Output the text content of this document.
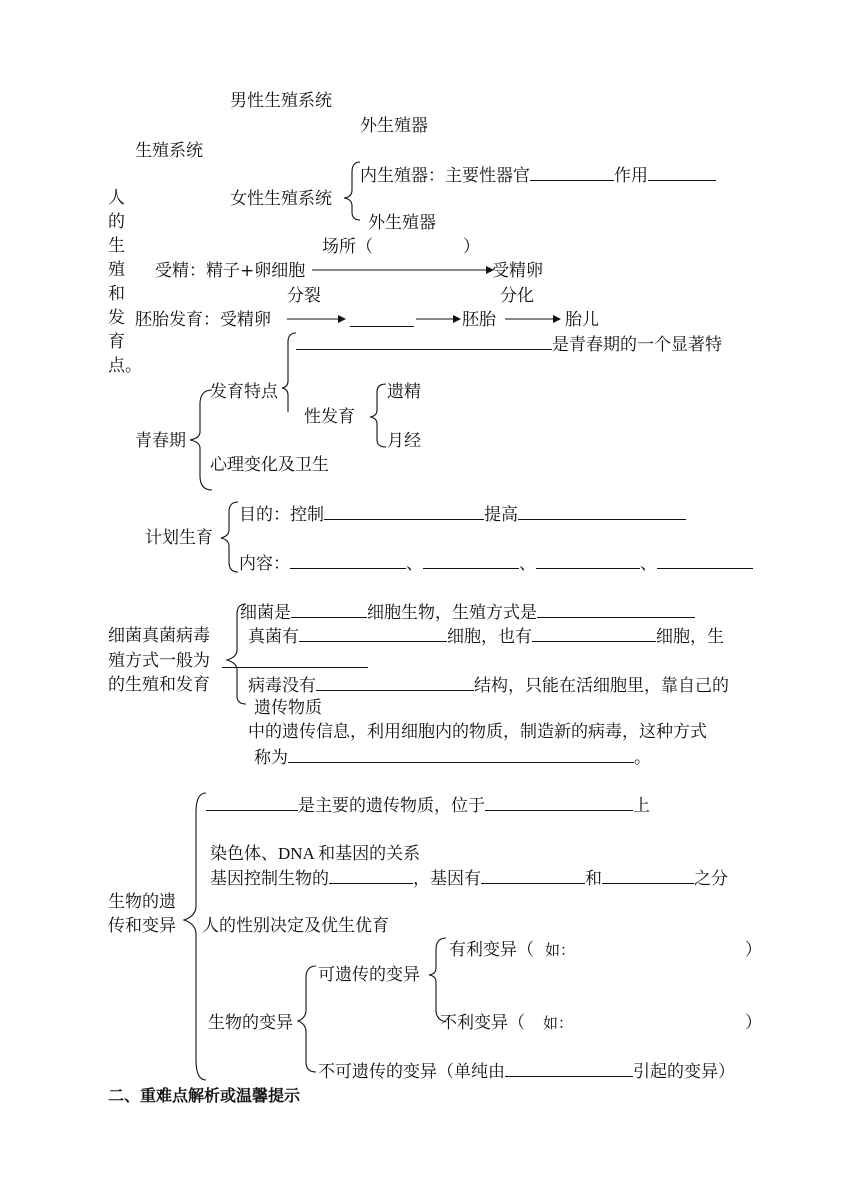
男性生殖系统
外生殖器
生殖系统
女性生殖系统
内生殖器：主要性器官	作用
外生殖器
人
的
生
殖
和
发
育
点。
场所（	）
受精：精子+卵细胞	受精卵
分裂	分化
胚胎发育：受精卵	胚胎	胎儿
是青春期的一个显著特
发育特点	遗精
性发育
青春期	月经
心理变化及卫生
目的：控制	提高
计划生育
内容：	、	、	、
细菌是	细胞生物，生殖方式是
细菌真菌病毒 真菌有	细胞，也有	细胞，生
殖方式一般为
的生殖和发育 病毒没有	结构，只能在活细胞里，靠自己的
遗传物质
中的遗传信息，利用细胞内的物质，制造新的病毒，这种方式
称为	。
是主要的遗传物质，位于	上
染色体、DNA 和基因的关系
基因控制生物的	，基因有	和	之分
生物的遗
传和变异 人的性别决定及优生优育
有利变异（ 如：	）
可遗传的变异
生物的变异	不利变异（ 如：	）
不可遗传的变异（单纯由	引起的变异）
二、重难点解析或温馨提示
